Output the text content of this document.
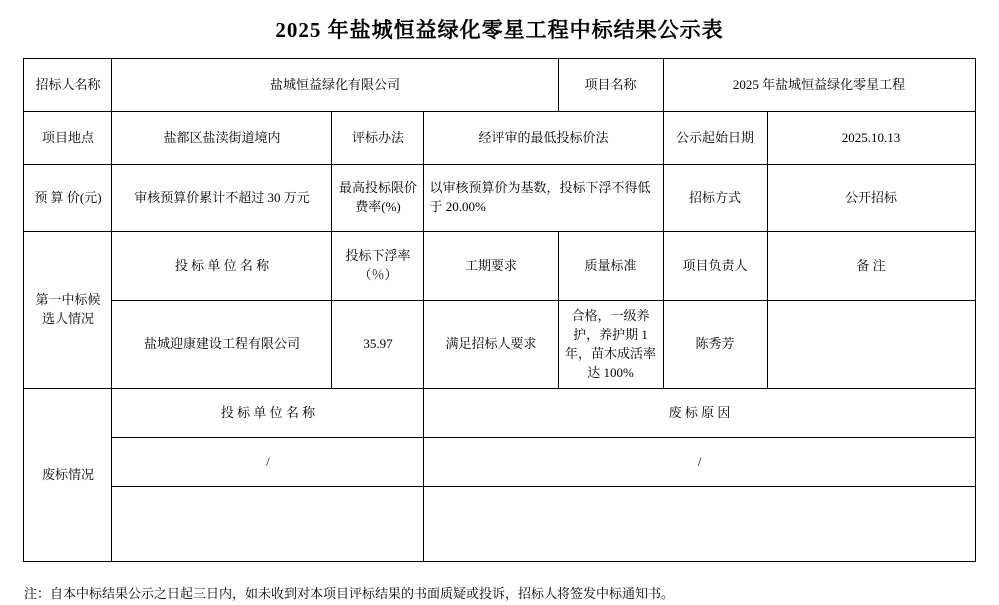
2025 年盐城恒益绿化零星工程中标结果公示表
招标人名称	盐城恒益绿化有限公司			项目名称	2025 年盐城恒益绿化零星工程	
项目地点	盐都区盐渎街道境内	评标办法	经评审的最低投标价法		公示起始日期	2025.10.13
预 算 价(元)	审核预算价累计不超过 30 万元	最高投标限价费率(%)	以审核预算价为基数，投标下浮不得低于 20.00%		招标方式	公开招标
第一中标候选人情况	投 标 单 位 名 称	投标下浮率（％）	工期要求	质量标准	项目负责人	备 注
	盐城迎康建设工程有限公司	35.97	满足招标人要求	合格，一级养护，养护期 1 年，苗木成活率达 100%	陈秀芳	
废标情况	投 标 单 位 名 称		废 标 原 因			
	/		/			

注：自本中标结果公示之日起三日内，如未收到对本项目评标结果的书面质疑或投诉，招标人将签发中标通知书。
